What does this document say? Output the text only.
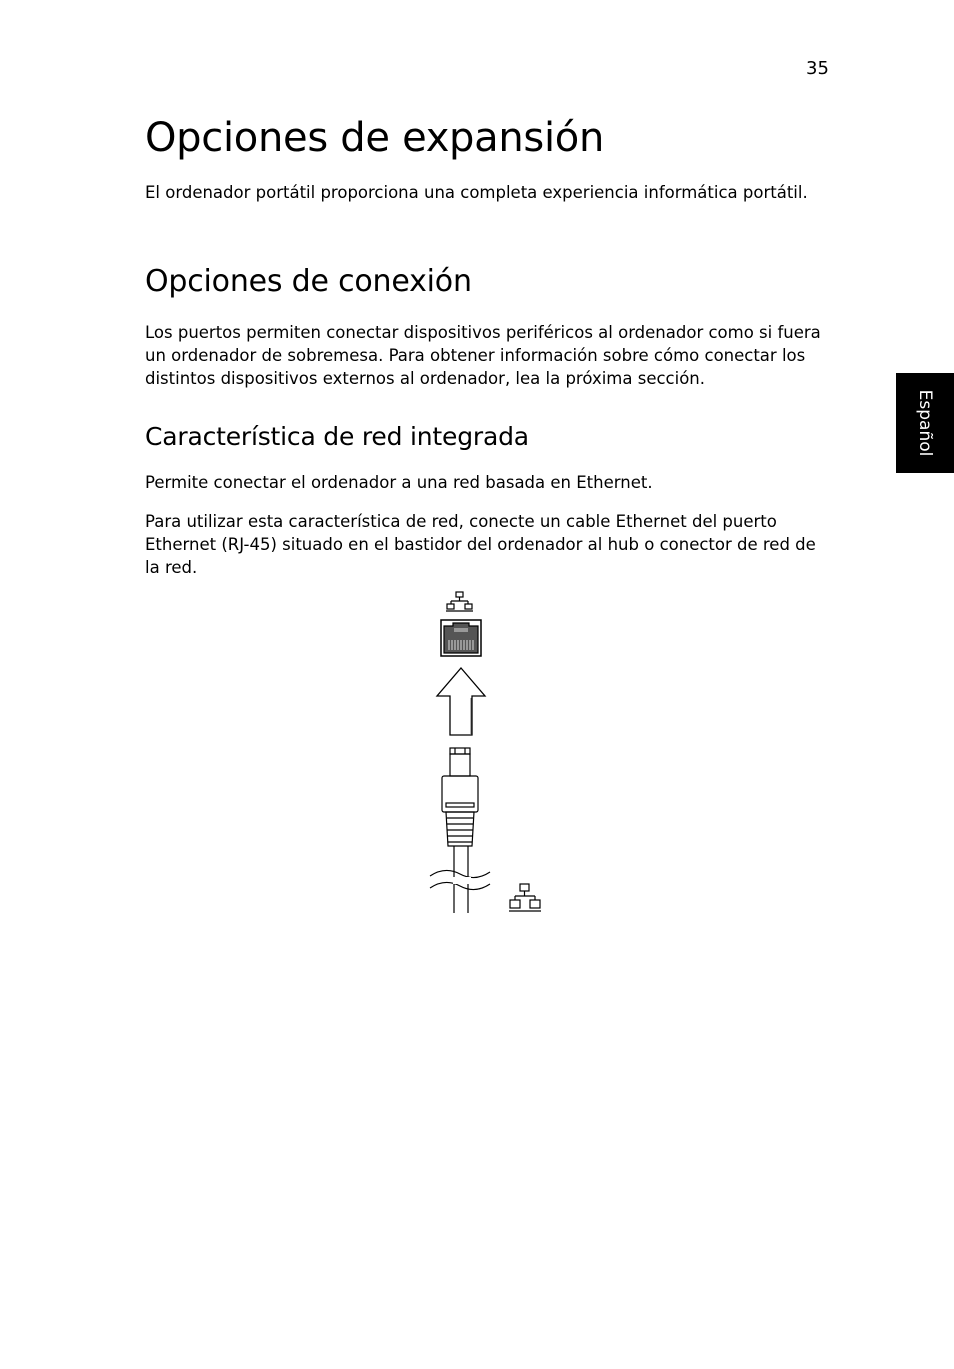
35
Opciones de expansión

El ordenador portátil proporciona una completa experiencia informática portátil.

Opciones de conexión

Los puertos permiten conectar dispositivos periféricos al ordenador como si fuera un ordenador de sobremesa. Para obtener información sobre cómo conectar los distintos dispositivos externos al ordenador, lea la próxima sección.

Característica de red integrada

Permite conectar el ordenador a una red basada en Ethernet.

Para utilizar esta característica de red, conecte un cable Ethernet del puerto Ethernet (RJ-45) situado en el bastidor del ordenador al hub o conector de red de la red.

Español
